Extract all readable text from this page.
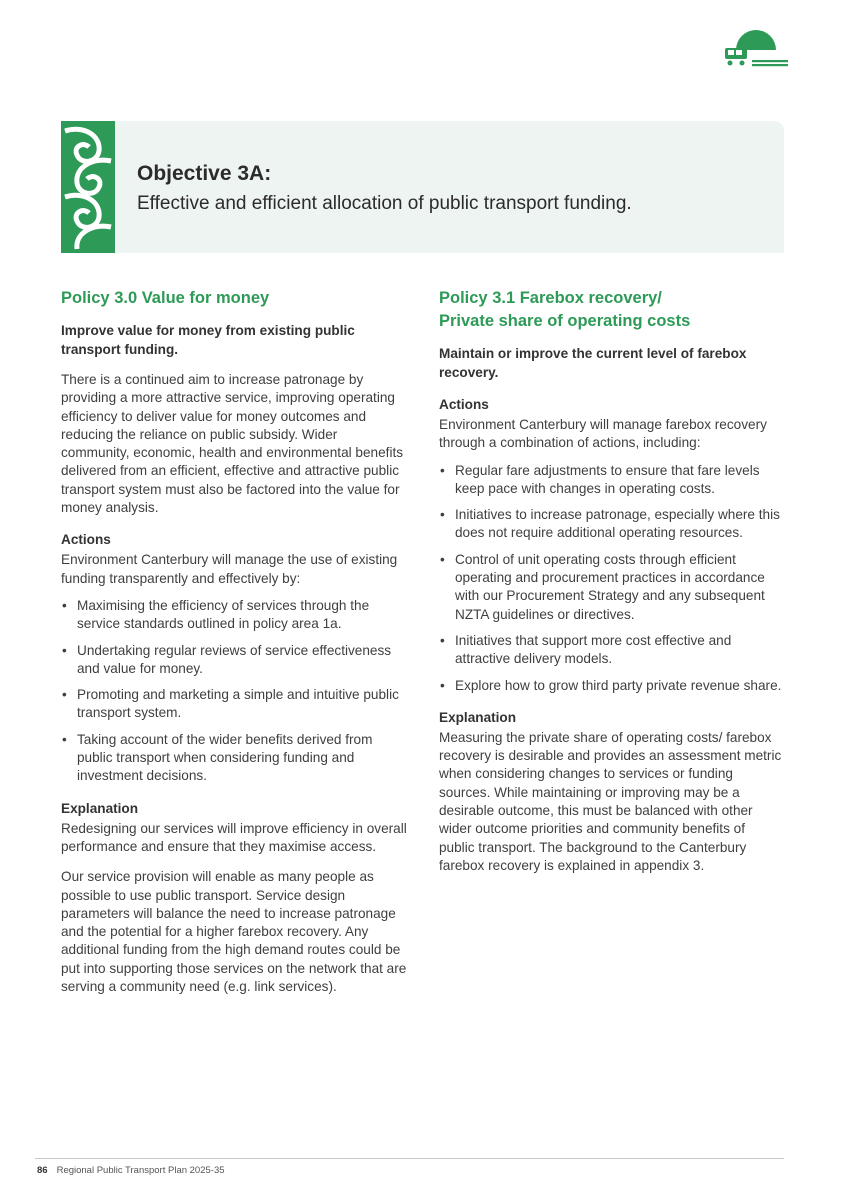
Objective 3A:

Effective and efficient allocation of public transport funding.

Policy 3.0 Value for money

Improve value for money from existing public transport funding.

There is a continued aim to increase patronage by providing a more attractive service, improving operating efficiency to deliver value for money outcomes and reducing the reliance on public subsidy. Wider community, economic, health and environmental benefits delivered from an efficient, effective and attractive public transport system must also be factored into the value for money analysis.

Actions

Environment Canterbury will manage the use of existing funding transparently and effectively by:

• Maximising the efficiency of services through the service standards outlined in policy area 1a.
• Undertaking regular reviews of service effectiveness and value for money.
• Promoting and marketing a simple and intuitive public transport system.
• Taking account of the wider benefits derived from public transport when considering funding and investment decisions.
Explanation

Redesigning our services will improve efficiency in overall performance and ensure that they maximise access.

Our service provision will enable as many people as possible to use public transport. Service design parameters will balance the need to increase patronage and the potential for a higher farebox recovery. Any additional funding from the high demand routes could be put into supporting those services on the network that are serving a community need (e.g. link services).

Policy 3.1 Farebox recovery/
Private share of operating costs

Maintain or improve the current level of farebox recovery.

Actions

Environment Canterbury will manage farebox recovery through a combination of actions, including:

• Regular fare adjustments to ensure that fare levels keep pace with changes in operating costs.
• Initiatives to increase patronage, especially where this does not require additional operating resources.
• Control of unit operating costs through efficient operating and procurement practices in accordance with our Procurement Strategy and any subsequent NZTA guidelines or directives.
• Initiatives that support more cost effective and attractive delivery models.
• Explore how to grow third party private revenue share.
Explanation

Measuring the private share of operating costs/ farebox recovery is desirable and provides an assessment metric when considering changes to services or funding sources. While maintaining or improving may be a desirable outcome, this must be balanced with other wider outcome priorities and community benefits of public transport. The background to the Canterbury farebox recovery is explained in appendix 3.

86 Regional Public Transport Plan 2025-35
